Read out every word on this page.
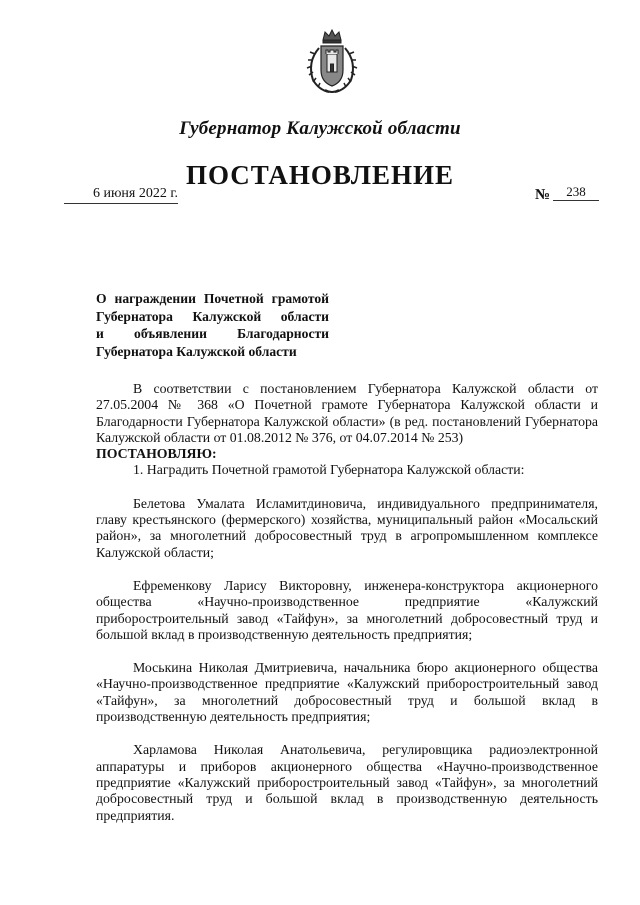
Губернатор Калужской области
ПОСТАНОВЛЕНИЕ
6 июня 2022 г.	№	238
О награждении Почетной грамотой
Губернатора Калужской области
и объявлении Благодарности
Губернатора Калужской области

В соответствии с постановлением Губернатора Калужской области от 27.05.2004 № 368 «О Почетной грамоте Губернатора Калужской области и Благодарности Губернатора Калужской области» (в ред. постановлений Губернатора Калужской области от 01.08.2012 № 376, от 04.07.2014 № 253)

ПОСТАНОВЛЯЮ:

1. Наградить Почетной грамотой Губернатора Калужской области:

Белетова Умалата Исламитдиновича, индивидуального предпринимателя, главу крестьянского (фермерского) хозяйства, муниципальный район «Мосальский район», за многолетний добросовестный труд в агропромышленном комплексе Калужской области;

Ефременкову Ларису Викторовну, инженера-конструктора акционерного общества «Научно-производственное предприятие «Калужский приборостроительный завод «Тайфун», за многолетний добросовестный труд и большой вклад в производственную деятельность предприятия;

Моськина Николая Дмитриевича, начальника бюро акционерного общества «Научно-производственное предприятие «Калужский приборостроительный завод «Тайфун», за многолетний добросовестный труд и большой вклад в производственную деятельность предприятия;

Харламова Николая Анатольевича, регулировщика радиоэлектронной аппаратуры и приборов акционерного общества «Научно-производственное предприятие «Калужский приборостроительный завод «Тайфун», за многолетний добросовестный труд и большой вклад в производственную деятельность предприятия.
